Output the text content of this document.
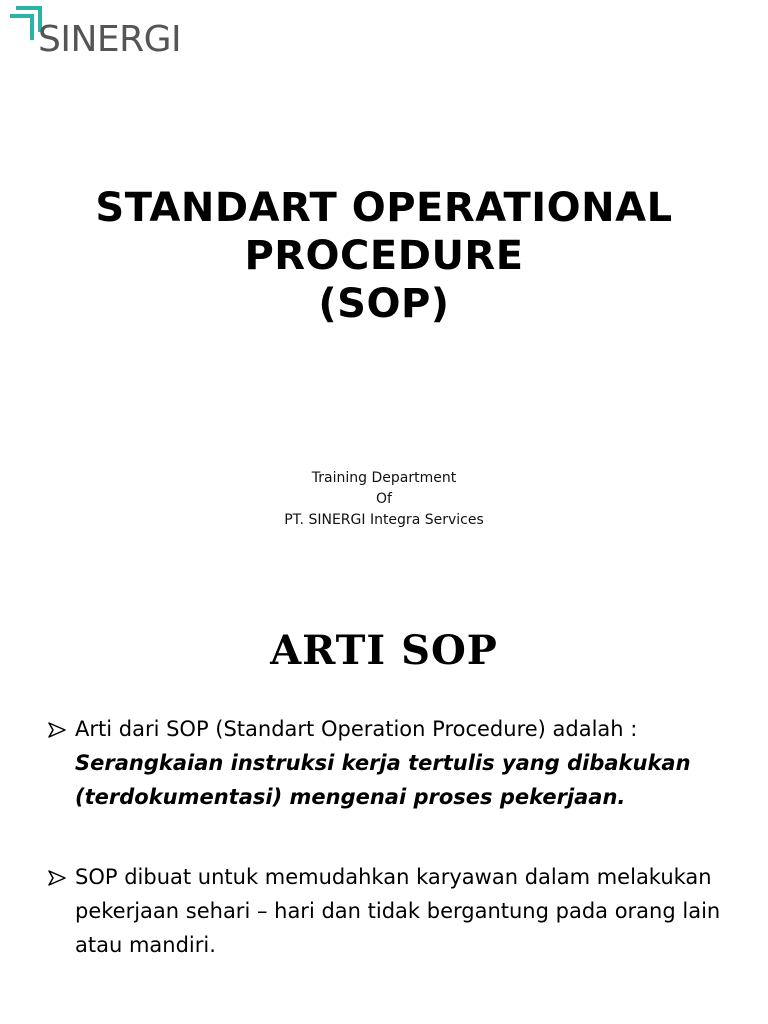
SINERGI
STANDART OPERATIONAL
PROCEDURE
(SOP)
Training Department
Of
PT. SINERGI Integra Services
ARTI SOP
Arti dari SOP (Standart Operation Procedure) adalah :
Serangkaian instruksi kerja tertulis yang dibakukan (terdokumentasi) mengenai proses pekerjaan.
SOP dibuat untuk memudahkan karyawan dalam melakukan pekerjaan sehari – hari dan tidak bergantung pada orang lain atau mandiri.
